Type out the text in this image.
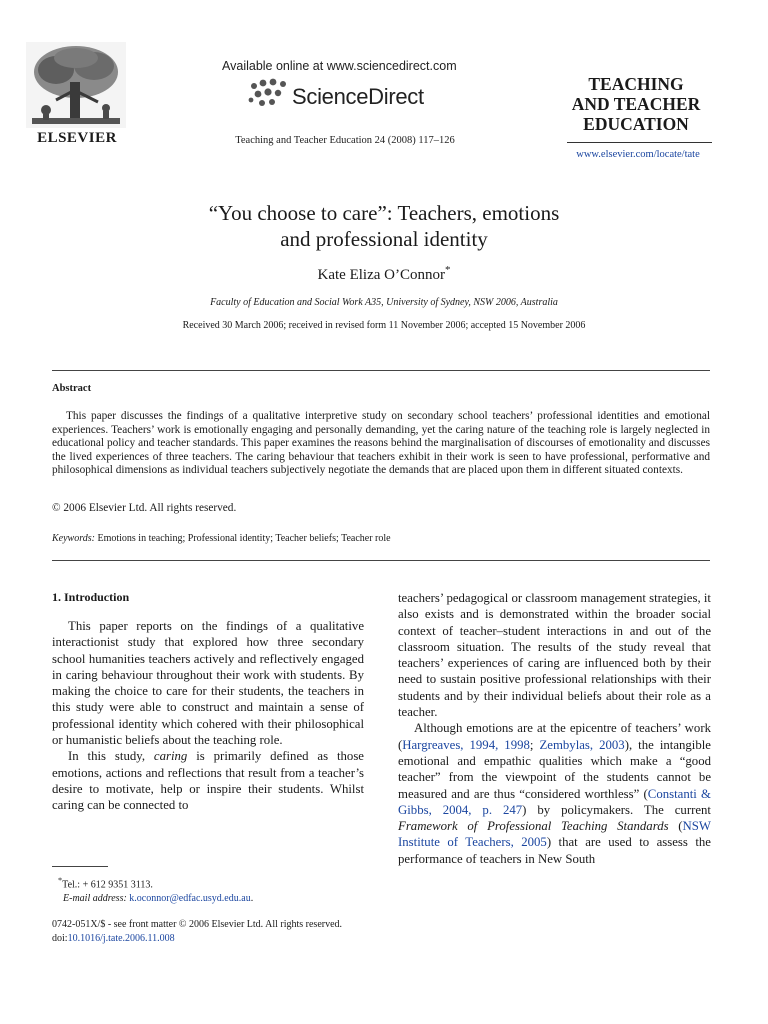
ELSEVIER
Available online at www.sciencedirect.com
ScienceDirect
Teaching and Teacher Education 24 (2008) 117–126
TEACHING
AND TEACHER
EDUCATION
www.elsevier.com/locate/tate
“You choose to care”: Teachers, emotions
and professional identity
Kate Eliza O’Connor*
Faculty of Education and Social Work A35, University of Sydney, NSW 2006, Australia
Received 30 March 2006; received in revised form 11 November 2006; accepted 15 November 2006
Abstract

This paper discusses the findings of a qualitative interpretive study on secondary school teachers’ professional identities and emotional experiences. Teachers’ work is emotionally engaging and personally demanding, yet the caring nature of the teaching role is largely neglected in educational policy and teacher standards. This paper examines the reasons behind the marginalisation of discourses of emotionality and discusses the lived experiences of three teachers. The caring behaviour that teachers exhibit in their work is seen to have professional, performative and philosophical dimensions as individual teachers subjectively negotiate the demands that are placed upon them in different situated contexts.

© 2006 Elsevier Ltd. All rights reserved.
Keywords: Emotions in teaching; Professional identity; Teacher beliefs; Teacher role
1. Introduction

This paper reports on the findings of a qualitative interactionist study that explored how three secondary school humanities teachers actively and reflectively engaged in caring behaviour throughout their work with students. By making the choice to care for their students, the teachers in this study were able to construct and maintain a sense of professional identity which cohered with their philosophical or humanistic beliefs about the teaching role.

In this study, caring is primarily defined as those emotions, actions and reflections that result from a teacher’s desire to motivate, help or inspire their students. Whilst caring can be connected to

teachers’ pedagogical or classroom management strategies, it also exists and is demonstrated within the broader social context of teacher–student interactions in and out of the classroom situation. The results of the study reveal that teachers’ experiences of caring are influenced both by their need to sustain positive professional relationships with their students and by their individual beliefs about their role as a teacher.

Although emotions are at the epicentre of teachers’ work (Hargreaves, 1994, 1998; Zembylas, 2003), the intangible emotional and empathic qualities which make a “good teacher” from the viewpoint of the students cannot be measured and are thus “considered worthless” (Constanti & Gibbs, 2004, p. 247) by policymakers. The current Framework of Professional Teaching Standards (NSW Institute of Teachers, 2005) that are used to assess the performance of teachers in New South

*Tel.: + 612 9351 3113.
E-mail address: k.oconnor@edfac.usyd.edu.au.
0742-051X/$ - see front matter © 2006 Elsevier Ltd. All rights reserved.
doi:10.1016/j.tate.2006.11.008
